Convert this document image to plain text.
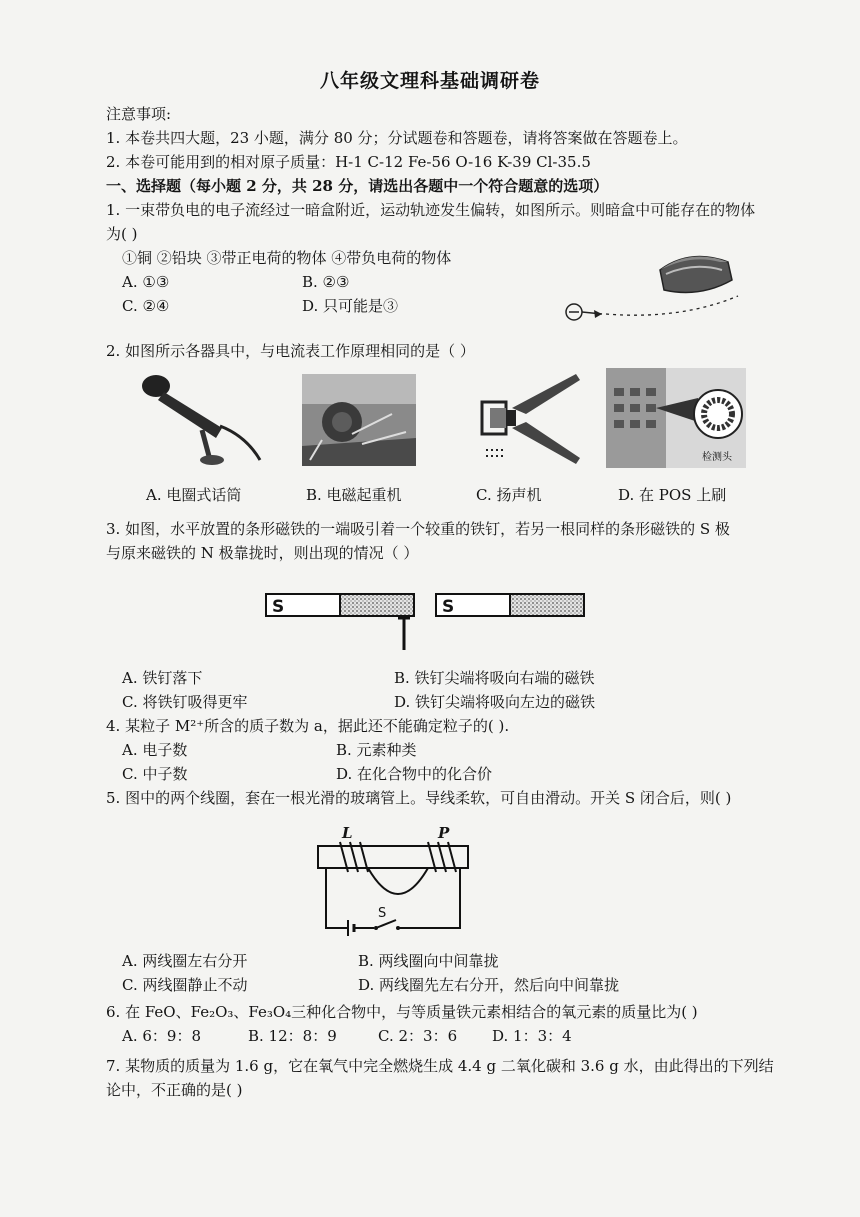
八年级文理科基础调研卷
注意事项:
1. 本卷共四大题，23 小题，满分 80 分；分试题卷和答题卷，请将答案做在答题卷上。
2. 本卷可能用到的相对原子质量：H-1 C-12 Fe-56 O-16 K-39 Cl-35.5
一、选择题（每小题 2 分，共 28 分，请选出各题中一个符合题意的选项）
1. 一束带负电的电子流经过一暗盒附近，运动轨迹发生偏转，如图所示。则暗盒中可能存在的物体
为( )
①铜 ②铅块 ③带正电荷的物体 ④带负电荷的物体
A. ①③	B. ②③
C. ②④	D. 只可能是③
2. 如图所示各器具中，与电流表工作原理相同的是（ ）
检测头
A. 电圈式话筒	B. 电磁起重机	C. 扬声机	D. 在 POS 上刷
3. 如图，水平放置的条形磁铁的一端吸引着一个较重的铁钉，若另一根同样的条形磁铁的 S 极
与原来磁铁的 N 极靠拢时，则出现的情况（ ）
S	S
A. 铁钉落下	B. 铁钉尖端将吸向右端的磁铁
C. 将铁钉吸得更牢	D. 铁钉尖端将吸向左边的磁铁
4. 某粒子 M²⁺所含的质子数为 a，据此还不能确定粒子的( ).
A. 电子数	B. 元素种类
C. 中子数	D. 在化合物中的化合价
5. 图中的两个线圈，套在一根光滑的玻璃管上。导线柔软，可自由滑动。开关 S 闭合后，则( )
L	P
S
A. 两线圈左右分开	B. 两线圈向中间靠拢
C. 两线圈静止不动	D. 两线圈先左右分开，然后向中间靠拢
6. 在 FeO、Fe₂O₃、Fe₃O₄三种化合物中，与等质量铁元素相结合的氧元素的质量比为( )
A. 6：9：8	B. 12：8：9	C. 2：3：6 D. 1：3：4
7. 某物质的质量为 1.6 g，它在氧气中完全燃烧生成 4.4 g 二氧化碳和 3.6 g 水，由此得出的下列结
论中，不正确的是( )
